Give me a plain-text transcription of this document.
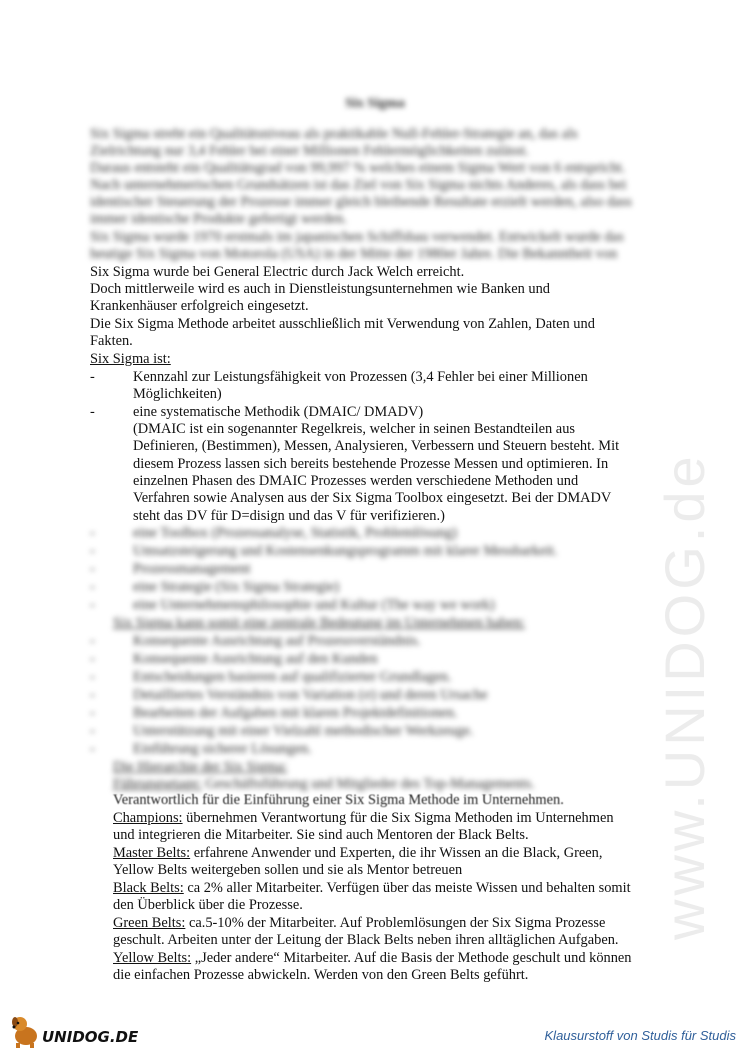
www.UNIDOG.de
Six Sigma
Six Sigma strebt ein Qualitätsniveau als praktikable Null-Fehler-Strategie an, das als
Zielrichtung nur 3,4 Fehler bei einer Millionen Fehlermöglichkeiten zulässt.
Daraus entsteht ein Qualitätsgrad von 99,997 % welches einem Sigma Wert von 6 entspricht.
Nach unternehmerischen Grundsätzen ist das Ziel von Six Sigma nichts Anderes, als dass bei
identischer Steuerung der Prozesse immer gleich bleibende Resultate erzielt werden, also dass
immer identische Produkte gefertigt werden.
Six Sigma wurde 1970 erstmals im japanischen Schiffsbau verwendet. Entwickelt wurde das
heutige Six Sigma von Motorola (USA) in der Mitte der 1980er Jahre. Die Bekanntheit von
Six Sigma wurde bei General Electric durch Jack Welch erreicht.
Doch mittlerweile wird es auch in Dienstleistungsunternehmen wie Banken und
Krankenhäuser erfolgreich eingesetzt.
Die Six Sigma Methode arbeitet ausschließlich mit Verwendung von Zahlen, Daten und
Fakten.
Six Sigma ist:
-	Kennzahl zur Leistungsfähigkeit von Prozessen (3,4 Fehler bei einer Millionen
Möglichkeiten)
-	eine systematische Methodik (DMAIC/ DMADV)
(DMAIC ist ein sogenannter Regelkreis, welcher in seinen Bestandteilen aus
Definieren, (Bestimmen), Messen, Analysieren, Verbessern und Steuern besteht. Mit
diesem Prozess lassen sich bereits bestehende Prozesse Messen und optimieren. In
einzelnen Phasen des DMAIC Prozesses werden verschiedene Methoden und
Verfahren sowie Analysen aus der Six Sigma Toolbox eingesetzt. Bei der DMADV
steht das DV für D=disign und das V für verifizieren.)
-	eine Toolbox (Prozessanalyse, Statistik, Problemlösung)
-	Umsatzsteigerung und Kostensenkungsprogramm mit klarer Messbarkeit.
-	Prozessmanagement
-	eine Strategie (Six Sigma Strategie)
-	eine Unternehmensphilosophie und Kultur (The way we work)
Six Sigma kann somit eine zentrale Bedeutung im Unternehmen haben:
-	Konsequente Ausrichtung auf Prozessverständnis.
-	Konsequente Ausrichtung auf den Kunden
-	Entscheidungen basieren auf qualifizierter Grundlagen.
-	Detailliertes Verständnis von Variation (σ) und deren Ursache
-	Bearbeiten der Aufgaben mit klaren Projektdefinitionen.
-	Unterstützung mit einer Vielzahl methodischer Werkzeuge.
-	Einführung sicherer Lösungen.
Die Hierarchie der Six Sigma:
Führungsetage: Geschäftsführung und Mitglieder des Top-Managements.
Verantwortlich für die Einführung einer Six Sigma Methode im Unternehmen.
Champions: übernehmen Verantwortung für die Six Sigma Methoden im Unternehmen
und integrieren die Mitarbeiter. Sie sind auch Mentoren der Black Belts.
Master Belts: erfahrene Anwender und Experten, die ihr Wissen an die Black, Green,
Yellow Belts weitergeben sollen und sie als Mentor betreuen
Black Belts: ca 2% aller Mitarbeiter. Verfügen über das meiste Wissen und behalten somit
den Überblick über die Prozesse.
Green Belts: ca.5-10% der Mitarbeiter. Auf Problemlösungen der Six Sigma Prozesse
geschult. Arbeiten unter der Leitung der Black Belts neben ihren alltäglichen Aufgaben.
Yellow Belts: „Jeder andere“ Mitarbeiter. Auf die Basis der Methode geschult und können
die einfachen Prozesse abwickeln. Werden von den Green Belts geführt.
UNIDOG.DE	Klausurstoff von Studis für Studis
